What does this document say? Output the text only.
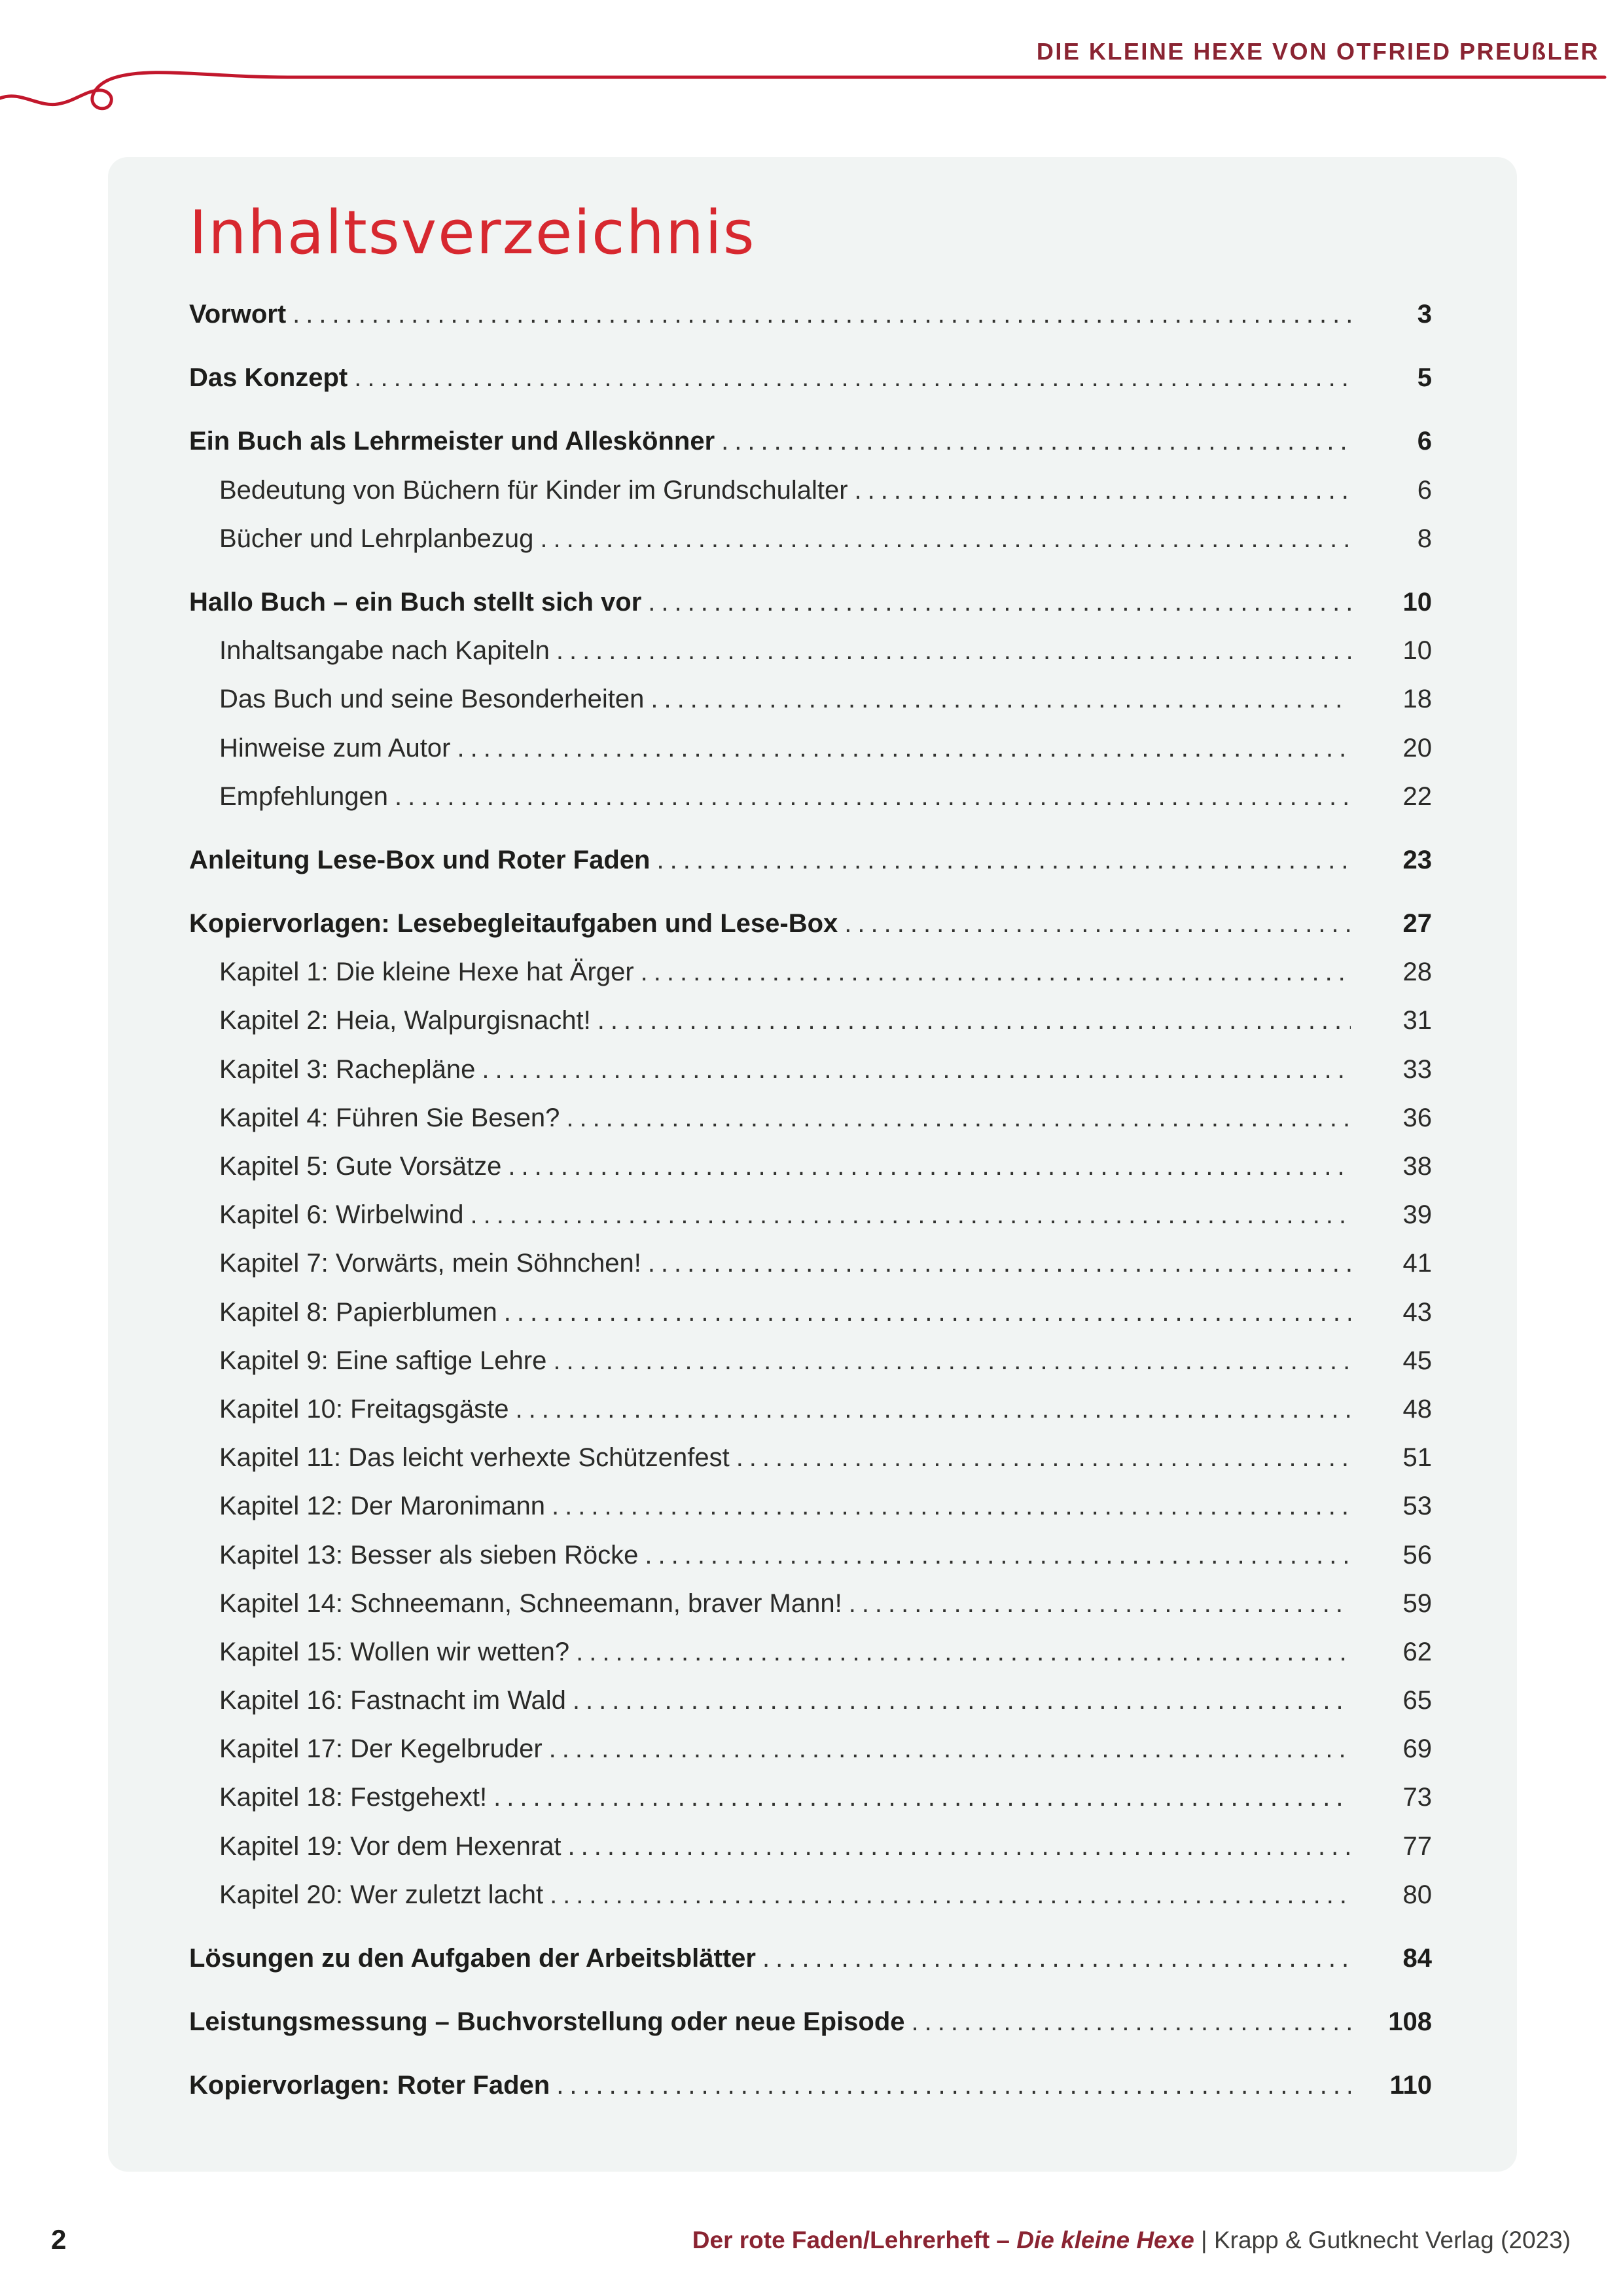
DIE KLEINE HEXE VON OTFRIED PREUßLER
Inhaltsverzeichnis
Vorwort .....	3
Das Konzept .....	5
Ein Buch als Lehrmeister und Alleskönner .....	6
Bedeutung von Büchern für Kinder im Grundschulalter .....	6
Bücher und Lehrplanbezug .....	8
Hallo Buch – ein Buch stellt sich vor .....	10
Inhaltsangabe nach Kapiteln .....	10
Das Buch und seine Besonderheiten .....	18
Hinweise zum Autor .....	20
Empfehlungen .....	22
Anleitung Lese-Box und Roter Faden .....	23
Kopiervorlagen: Lesebegleitaufgaben und Lese-Box .....	27
Kapitel 1: Die kleine Hexe hat Ärger .....	28
Kapitel 2: Heia, Walpurgisnacht! .....	31
Kapitel 3: Rachepläne .....	33
Kapitel 4: Führen Sie Besen? .....	36
Kapitel 5: Gute Vorsätze .....	38
Kapitel 6: Wirbelwind .....	39
Kapitel 7: Vorwärts, mein Söhnchen! .....	41
Kapitel 8: Papierblumen .....	43
Kapitel 9: Eine saftige Lehre .....	45
Kapitel 10: Freitagsgäste .....	48
Kapitel 11: Das leicht verhexte Schützenfest .....	51
Kapitel 12: Der Maronimann .....	53
Kapitel 13: Besser als sieben Röcke .....	56
Kapitel 14: Schneemann, Schneemann, braver Mann! .....	59
Kapitel 15: Wollen wir wetten? .....	62
Kapitel 16: Fastnacht im Wald .....	65
Kapitel 17: Der Kegelbruder .....	69
Kapitel 18: Festgehext! .....	73
Kapitel 19: Vor dem Hexenrat .....	77
Kapitel 20: Wer zuletzt lacht .....	80
Lösungen zu den Aufgaben der Arbeitsblätter .....	84
Leistungsmessung – Buchvorstellung oder neue Episode .....	108
Kopiervorlagen: Roter Faden .....	110
2	Der rote Faden/Lehrerheft – Die kleine Hexe | Krapp & Gutknecht Verlag (2023)
